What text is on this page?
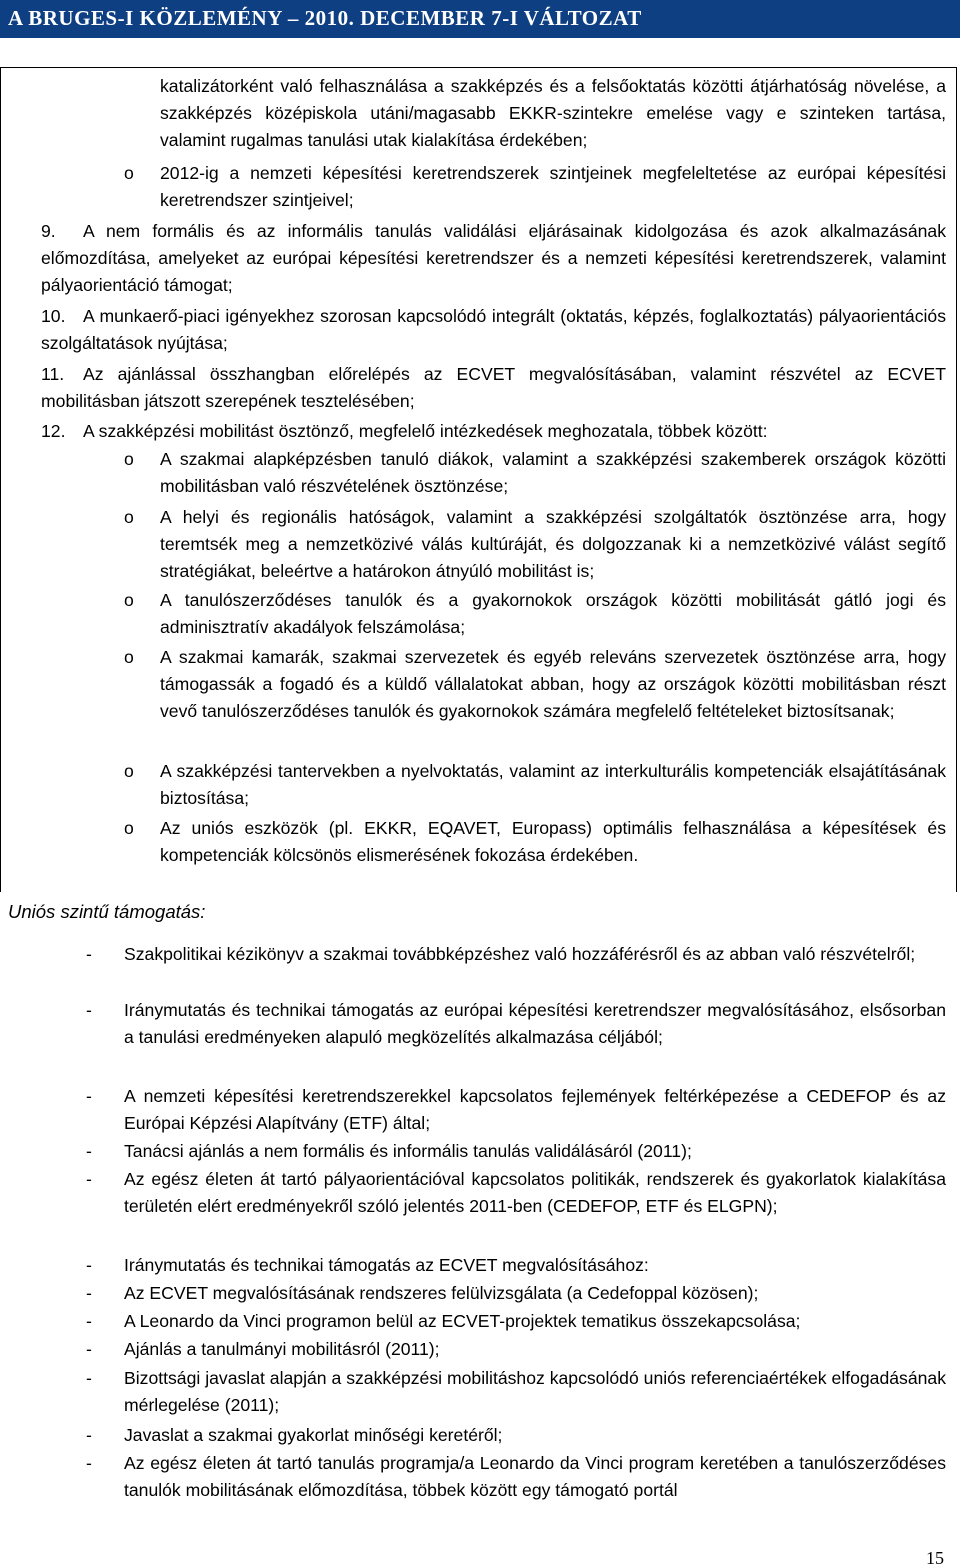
A BRUGES-I KÖZLEMÉNY – 2010. DECEMBER 7-I VÁLTOZAT
katalizátorként való felhasználása a szakképzés és a felsőoktatás közötti átjárhatóság növelése, a szakképzés középiskola utáni/magasabb EKKR-szintekre emelése vagy e szinteken tartása, valamint rugalmas tanulási utak kialakítása érdekében;
o 2012-ig a nemzeti képesítési keretrendszerek szintjeinek megfeleltetése az európai képesítési keretrendszer szintjeivel;
9.	A nem formális és az informális tanulás validálási eljárásainak kidolgozása és azok alkalmazásának előmozdítása, amelyeket az európai képesítési keretrendszer és a nemzeti képesítési keretrendszerek, valamint pályaorientáció támogat;
10. A munkaerő-piaci igényekhez szorosan kapcsolódó integrált (oktatás, képzés, foglalkoztatás) pályaorientációs szolgáltatások nyújtása;
11.	Az ajánlással összhangban előrelépés az ECVET megvalósításában, valamint részvétel az ECVET mobilitásban játszott szerepének tesztelésében;
12. A szakképzési mobilitást ösztönző, megfelelő intézkedések meghozatala, többek között:
o A szakmai alapképzésben tanuló diákok, valamint a szakképzési szakemberek országok közötti mobilitásban való részvételének ösztönzése;
o A helyi és regionális hatóságok, valamint a szakképzési szolgáltatók ösztönzése arra, hogy teremtsék meg a nemzetközivé válás kultúráját, és dolgozzanak ki a nemzetközivé válást segítő stratégiákat, beleértve a határokon átnyúló mobilitást is;
o A tanulószerződéses tanulók és a gyakornokok országok közötti mobilitását gátló jogi és adminisztratív akadályok felszámolása;
o A szakmai kamarák, szakmai szervezetek és egyéb releváns szervezetek ösztönzése arra, hogy támogassák a fogadó és a küldő vállalatokat abban, hogy az országok közötti mobilitásban részt vevő tanulószerződéses tanulók és gyakornokok számára megfelelő feltételeket biztosítsanak;
o A szakképzési tantervekben a nyelvoktatás, valamint az interkulturális kompetenciák elsajátításának biztosítása;
o Az uniós eszközök (pl. EKKR, EQAVET, Europass) optimális felhasználása a képesítések és kompetenciák kölcsönös elismerésének fokozása érdekében.
Uniós szintű támogatás:
- Szakpolitikai kézikönyv a szakmai továbbképzéshez való hozzáférésről és az abban való részvételről;
- Iránymutatás és technikai támogatás az európai képesítési keretrendszer megvalósításához, elsősorban a tanulási eredményeken alapuló megközelítés alkalmazása céljából;
- A nemzeti képesítési keretrendszerekkel kapcsolatos fejlemények feltérképezése a CEDEFOP és az Európai Képzési Alapítvány (ETF) által;
- Tanácsi ajánlás a nem formális és informális tanulás validálásáról (2011);
- Az egész életen át tartó pályaorientációval kapcsolatos politikák, rendszerek és gyakorlatok kialakítása területén elért eredményekről szóló jelentés 2011-ben (CEDEFOP, ETF és ELGPN);
- Iránymutatás és technikai támogatás az ECVET megvalósításához:
- Az ECVET megvalósításának rendszeres felülvizsgálata (a Cedefoppal közösen);
- A Leonardo da Vinci programon belül az ECVET-projektek tematikus összekapcsolása;
- Ajánlás a tanulmányi mobilitásról (2011);
- Bizottsági javaslat alapján a szakképzési mobilitáshoz kapcsolódó uniós referenciaértékek elfogadásának mérlegelése (2011);
- Javaslat a szakmai gyakorlat minőségi keretéről;
- Az egész életen át tartó tanulás programja/a Leonardo da Vinci program keretében a tanulószerződéses tanulók mobilitásának előmozdítása, többek között egy támogató portál
15
